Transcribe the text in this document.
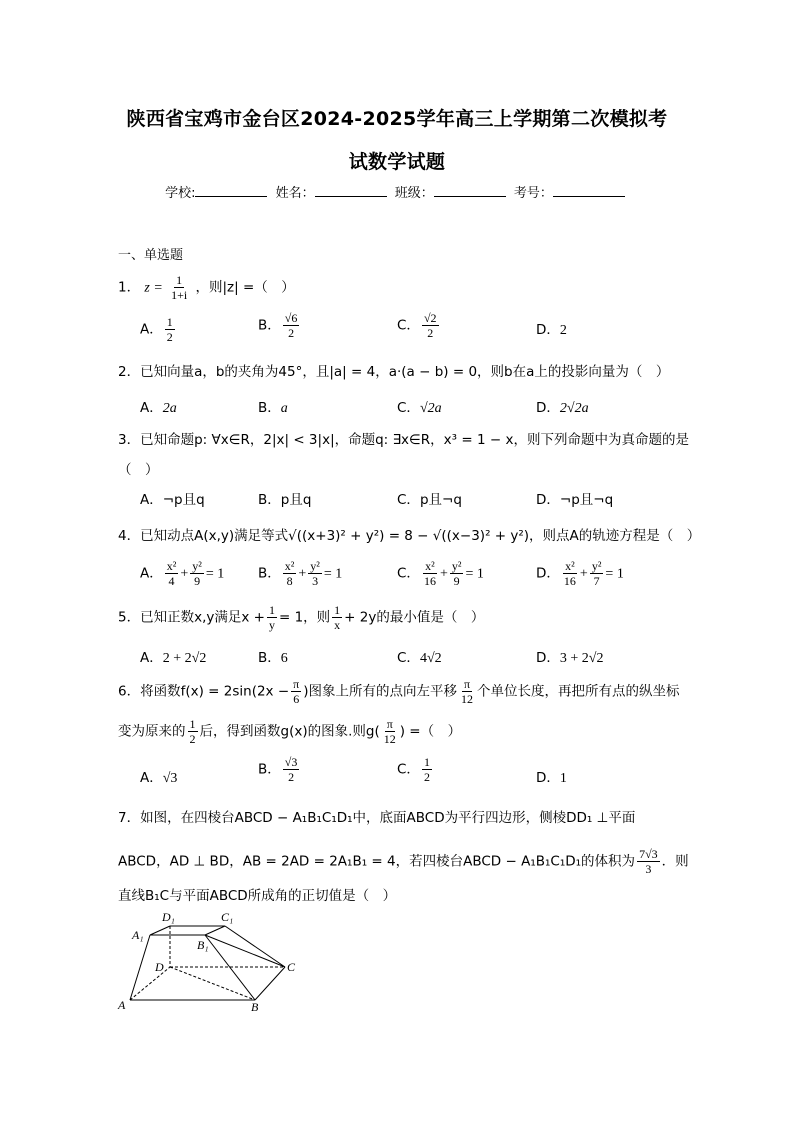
陕西省宝鸡市金台区2024-2025学年高三上学期第二次模拟考
试数学试题
学校:	姓名：	班级：	考号：
一、单选题
1． $z = \frac{1}{1+i}$ ，则|z| =（　）
A． $\frac{1}{2}$	B． $\frac{√6}{2}$	C． $\frac{√2}{2}$	D．2
2．已知向量a，b的夹角为45°，且|a| = 4，a·(a − b) = 0，则b在a上的投影向量为（　）
A．2a	B．a	C．√2a	D．2√2a
3．已知命题p: ∀x∈R，2|x| < 3|x|，命题q: ∃x∈R，x³ = 1 − x，则下列命题中为真命题的是
（　）
A．¬p且q	B．p且q	C．p且¬q	D．¬p且¬q
4．已知动点A(x,y)满足等式√((x+3)² + y²) = 8 − √((x−3)² + y²)，则点A的轨迹方程是（　）
A． $\frac{\text{x²}}{4} + \frac{\text{y²}}{9} = 1$ B． $\frac{\text{x²}}{8} + \frac{\text{y²}}{3} = 1$	C． $\frac{\text{x²}}{16} + \frac{\text{y²}}{9} = 1$	D． $\frac{\text{x²}}{16} + \frac{\text{y²}}{7} = 1$
5．已知正数x,y满足$x + \frac{1}{y} = 1$，则 $\frac{1}{x} + 2y$的最小值是（　）
A．2 + 2√2	B．6	C．4√2	D．3 + 2√2
6．将函数$f(x) = 2\sin(2x - \frac{\pi}{6}$ )图象上所有的点向左平移 $\frac{\pi}{12}$ 个单位长度，再把所有点的纵坐标
变为原来的 $\frac{1}{2}$ 后，得到函数g(x)的图象.则$g( \frac{\pi}{12}$ ) =（　）
A．√3
B． $\frac{√3}{2}$	C． $\frac{1}{2}$	D．1
7．如图，在四棱台ABCD − A₁B₁C₁D₁中，底面ABCD为平行四边形，侧棱DD₁ ⊥平面
ABCD，AD ⊥ BD，AB = 2AD = 2A₁B₁ = 4，若四棱台ABCD − A₁B₁C₁D₁的体积为 $\frac{7√3}{3}$ ．则
直线B₁C与平面ABCD所成角的正切值是（　）
A	B
C
D
A₁
B₁
C₁
D₁
